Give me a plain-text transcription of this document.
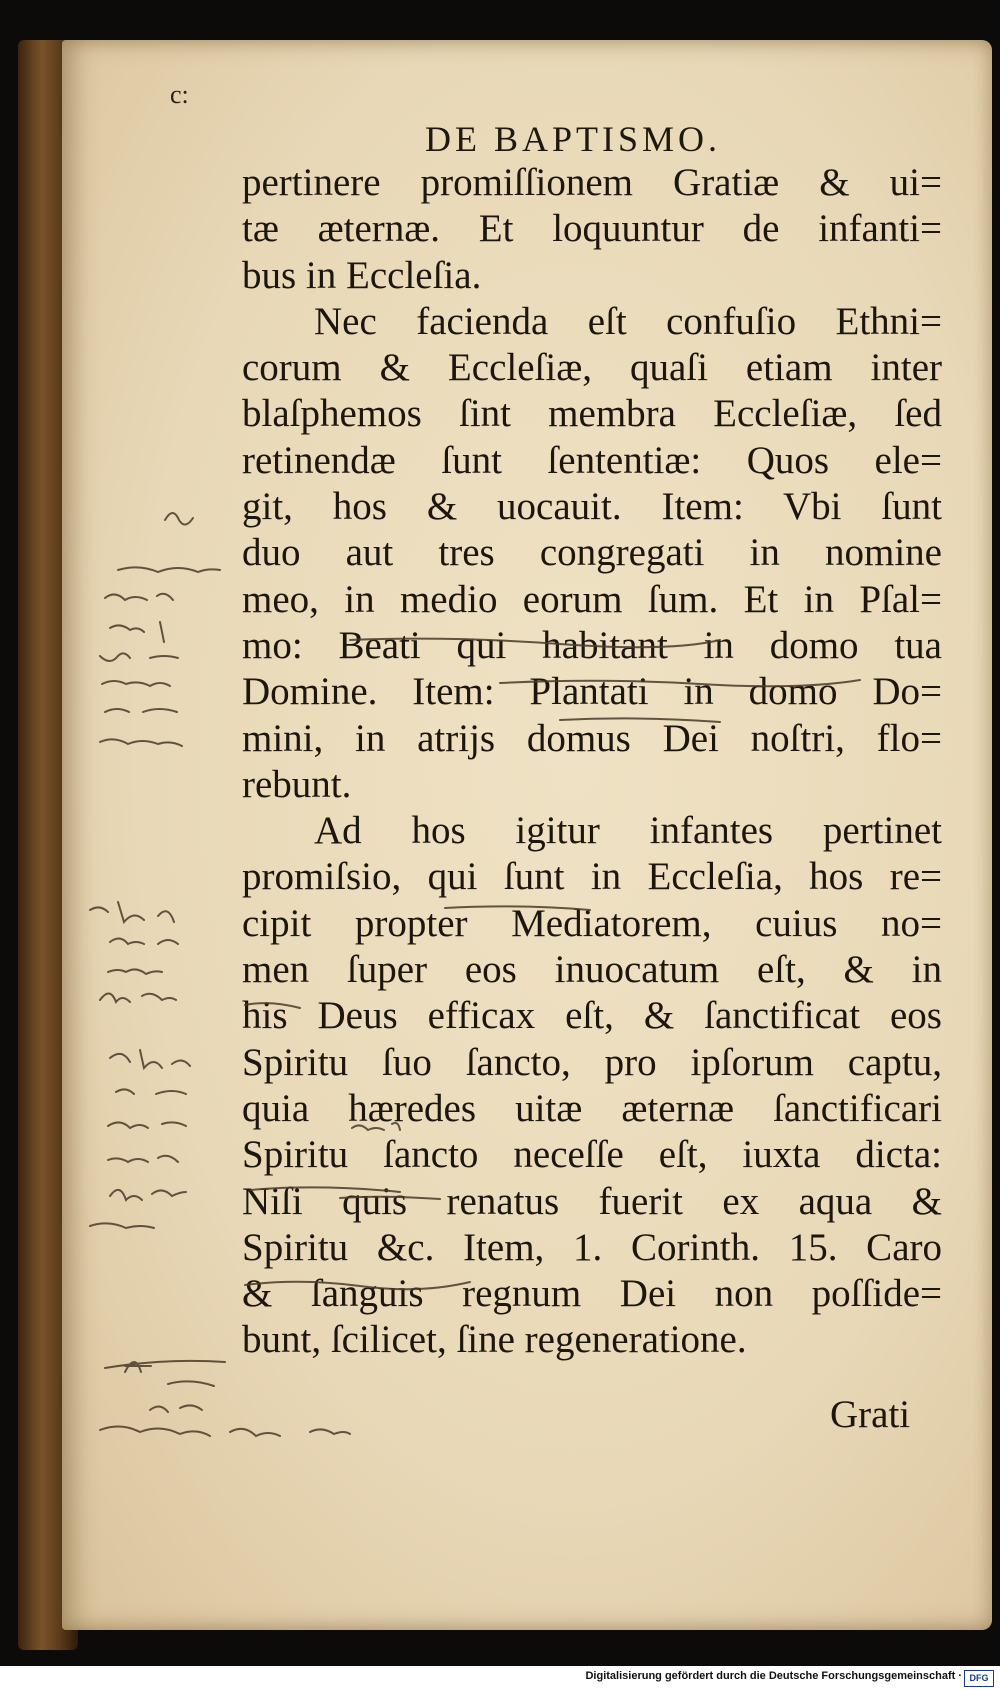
c:
DE BAPTISMO.
pertinere promiſſionem Gratiæ & ui=
tæ æternæ. Et loquuntur de infanti=
bus in Eccleſia.
Nec facienda eſt confuſio Ethni=
corum & Eccleſiæ, quaſi etiam inter
blaſphemos ſint membra Eccleſiæ, ſed
retinendæ ſunt ſententiæ: Quos ele=
git, hos & uocauit. Item: Vbi ſunt
duo aut tres congregati in nomine
meo, in medio eorum ſum. Et in Pſal=
mo: Beati qui habitant in domo tua
Domine. Item: Plantati in domo Do=
mini, in atrijs domus Dei noſtri, flo=
rebunt.
Ad hos igitur infantes pertinet
promiſsio, qui ſunt in Eccleſia, hos re=
cipit propter Mediatorem, cuius no=
men ſuper eos inuocatum eſt, & in
his Deus efficax eſt, & ſanctificat eos
Spiritu ſuo ſancto, pro ipſorum captu,
quia hæredes uitæ æternæ ſanctificari
Spiritu ſancto neceſſe eſt, iuxta dicta:
Niſi quis renatus fuerit ex aqua &
Spiritu &c. Item, 1. Corinth. 15. Caro
& ſanguis regnum Dei non poſſide=
bunt, ſcilicet, ſine regeneratione.
Grati
Digitalisierung gefördert durch die Deutsche Forschungsgemeinschaft · DFG
